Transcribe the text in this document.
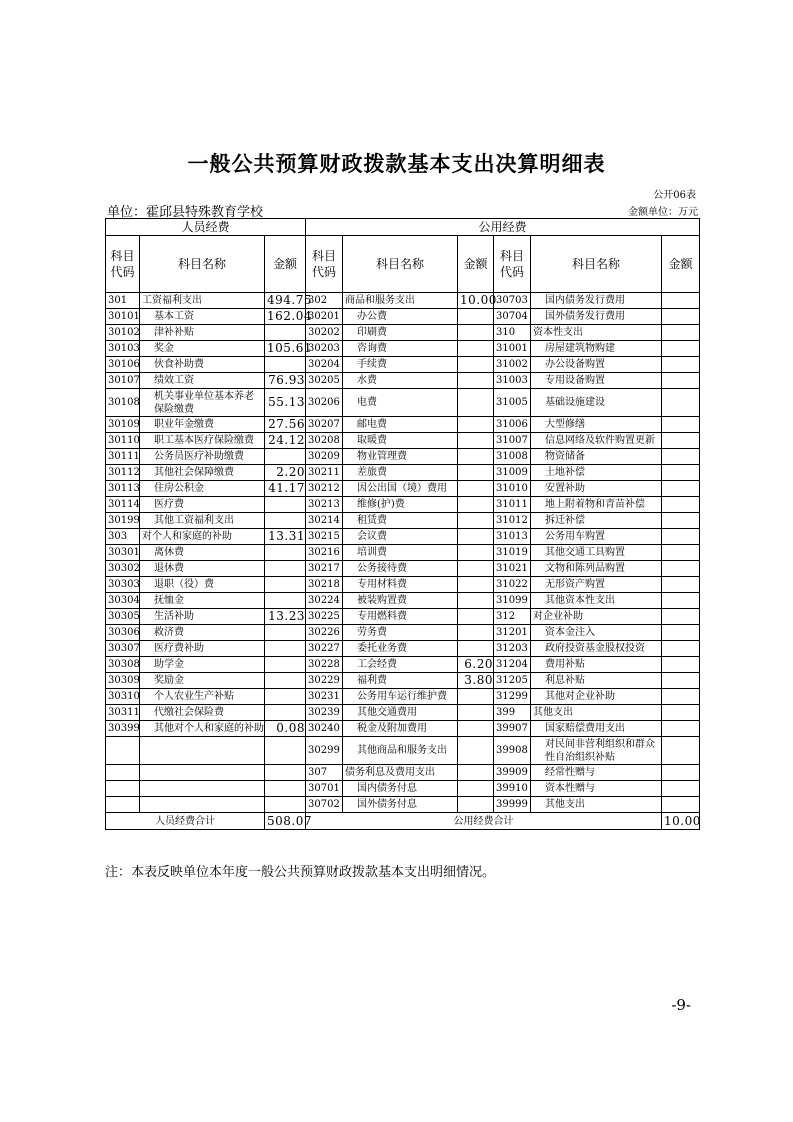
一般公共预算财政拨款基本支出决算明细表
公开06表
单位：霍邱县特殊教育学校	金额单位：万元
人员经费			公用经费					
科目代码	科目名称	金额	科目代码	科目名称	金额	科目代码	科目名称	金额
301	工资福利支出	494.75	302	商品和服务支出	10.00	30703	国内债务发行费用	
30101	基本工资	162.04	30201	办公费		30704	国外债务发行费用	
30102	津补补贴		30202	印刷费		310	资本性支出	
30103	奖金	105.61	30203	咨询费		31001	房屋建筑物购建	
30106	伙食补助费		30204	手续费		31002	办公设备购置	
30107	绩效工资	76.93	30205	水费		31003	专用设备购置	
30108	机关事业单位基本养老保险缴费	55.13	30206	电费		31005	基础设施建设	
30109	职业年金缴费	27.56	30207	邮电费		31006	大型修缮	
30110	职工基本医疗保险缴费	24.12	30208	取暖费		31007	信息网络及软件购置更新	
30111	公务员医疗补助缴费		30209	物业管理费		31008	物资储备	
30112	其他社会保障缴费	2.20	30211	差旅费		31009	土地补偿	
30113	住房公积金	41.17	30212	因公出国（境）费用		31010	安置补助	
30114	医疗费		30213	维修(护)费		31011	地上附着物和青苗补偿	
30199	其他工资福利支出		30214	租赁费		31012	拆迁补偿	
303	对个人和家庭的补助	13.31	30215	会议费		31013	公务用车购置	
30301	离休费		30216	培训费		31019	其他交通工具购置	
30302	退休费		30217	公务接待费		31021	文物和陈列品购置	
30303	退职（役）费		30218	专用材料费		31022	无形资产购置	
30304	抚恤金		30224	被装购置费		31099	其他资本性支出	
30305	生活补助	13.23	30225	专用燃料费		312	对企业补助	
30306	救济费		30226	劳务费		31201	资本金注入	
30307	医疗费补助		30227	委托业务费		31203	政府投资基金股权投资	
30308	助学金		30228	工会经费	6.20	31204	费用补贴	
30309	奖励金		30229	福利费	3.80	31205	利息补贴	
30310	个人农业生产补贴		30231	公务用车运行维护费		31299	其他对企业补助	
30311	代缴社会保险费		30239	其他交通费用		399	其他支出	
30399	其他对个人和家庭的补助	0.08	30240	税金及附加费用		39907	国家赔偿费用支出	
			30299	其他商品和服务支出		39908	对民间非营利组织和群众性自治组织补贴	
			307	债务利息及费用支出		39909	经常性赠与	
			30701	国内债务付息		39910	资本性赠与	
			30702	国外债务付息		39999	其他支出	
人员经费合计		508.07	公用经费合计					10.00
注：本表反映单位本年度一般公共预算财政拨款基本支出明细情况。
-9-
